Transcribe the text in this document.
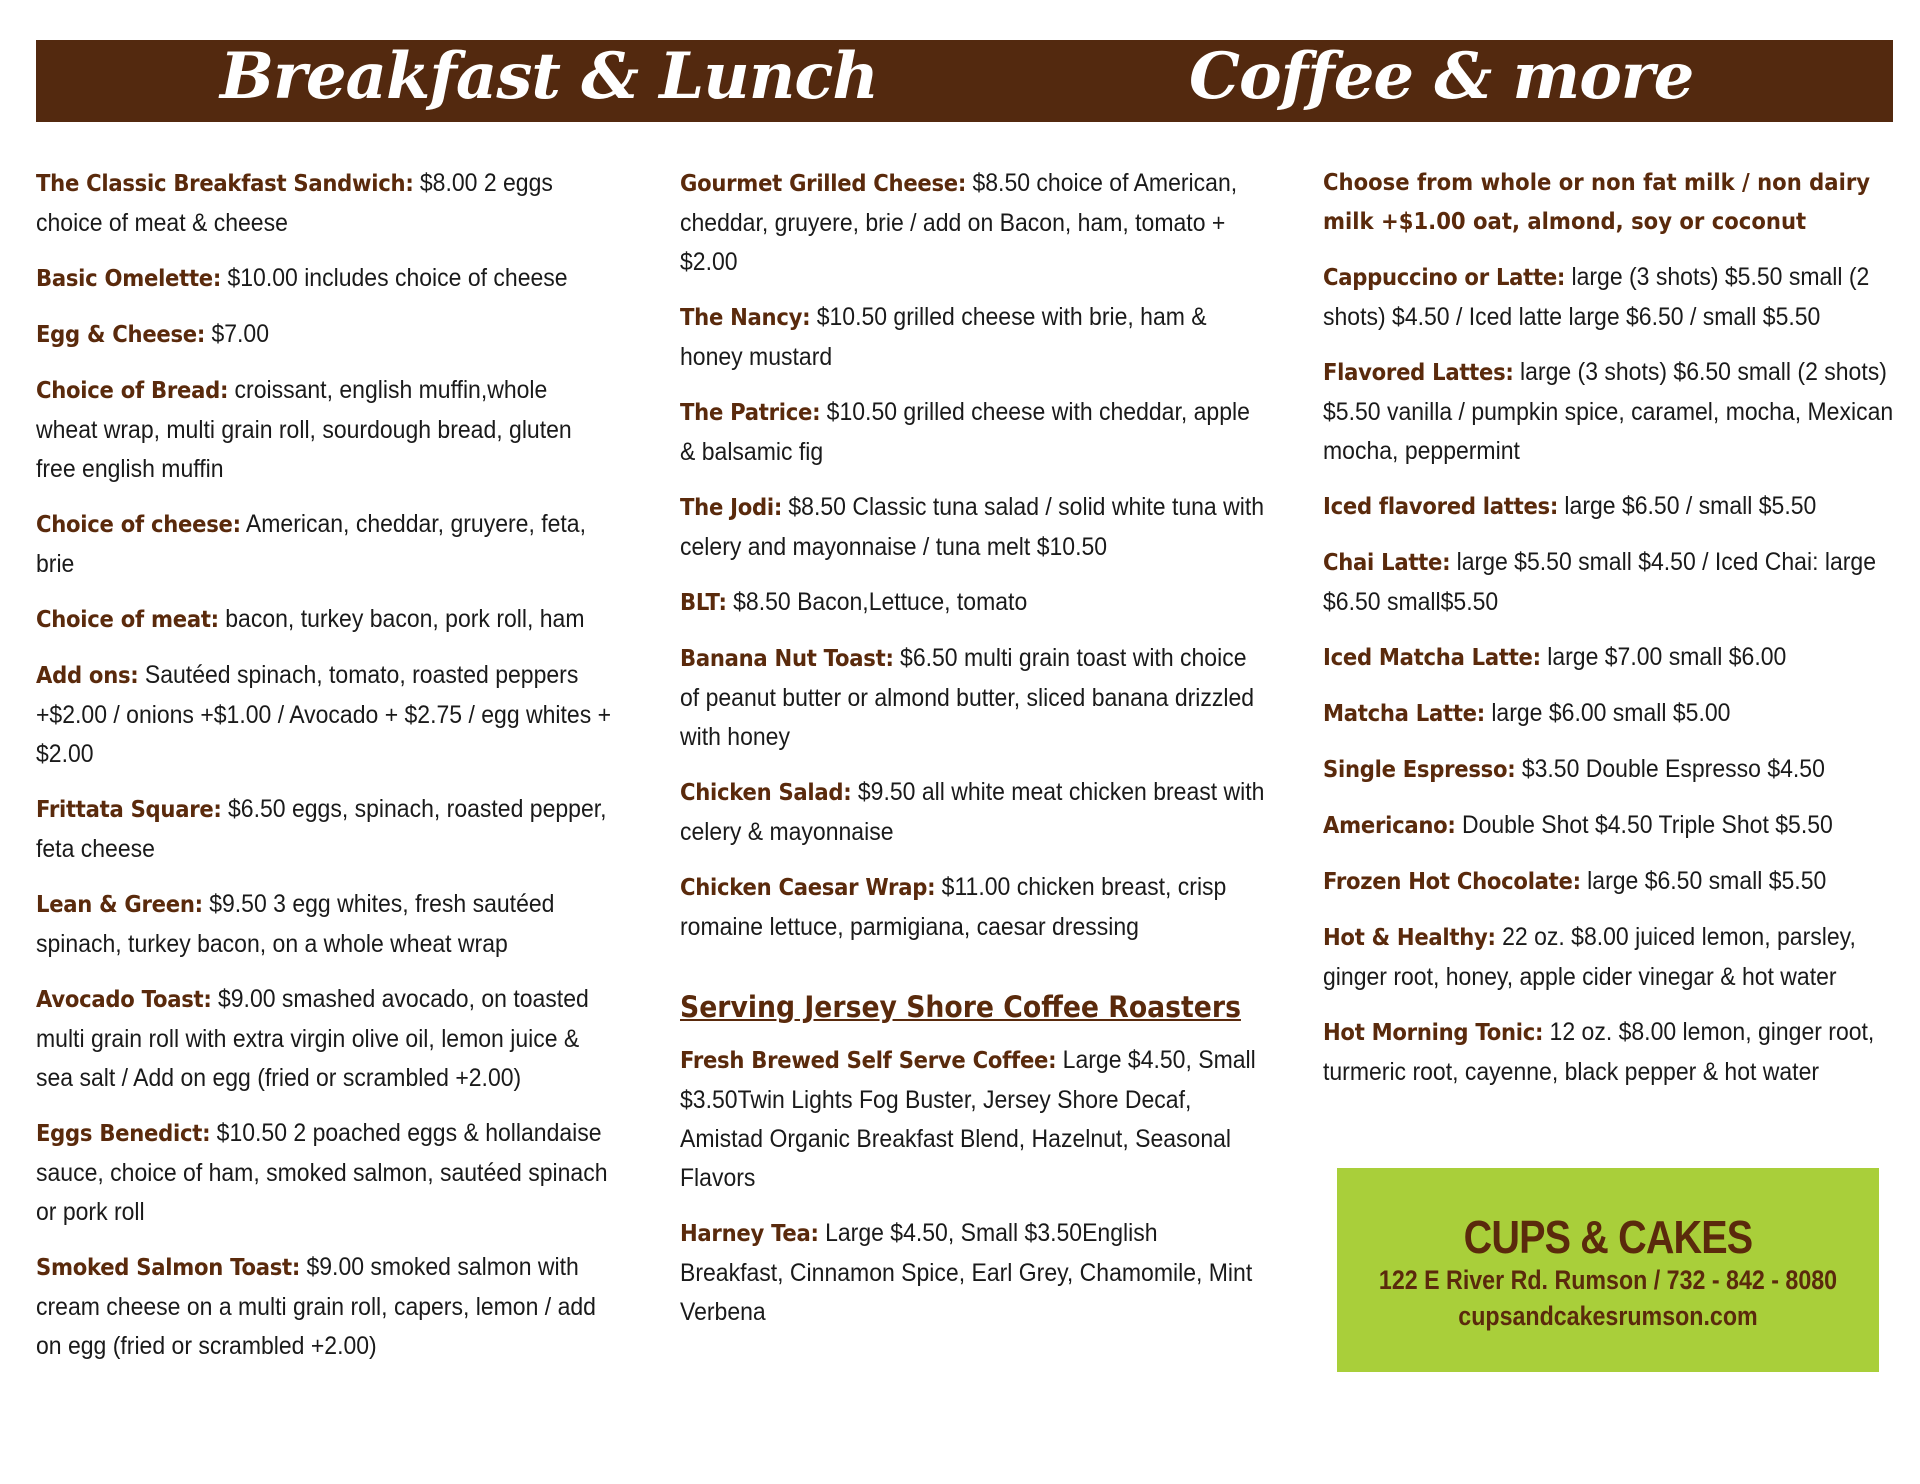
Breakfast & Lunch	Coffee & more
The Classic Breakfast Sandwich: $8.00 2 eggs choice of meat & cheese
Basic Omelette: $10.00 includes choice of cheese
Egg & Cheese: $7.00
Choice of Bread: croissant, english muffin,whole wheat wrap, multi grain roll, sourdough bread, gluten free english muffin
Choice of cheese: American, cheddar, gruyere, feta, brie
Choice of meat: bacon, turkey bacon, pork roll, ham
Add ons: Sautéed spinach, tomato, roasted peppers +$2.00 / onions +$1.00 / Avocado + $2.75 / egg whites + $2.00
Frittata Square: $6.50 eggs, spinach, roasted pepper, feta cheese
Lean & Green: $9.50 3 egg whites, fresh sautéed spinach, turkey bacon, on a whole wheat wrap
Avocado Toast: $9.00 smashed avocado, on toasted multi grain roll with extra virgin olive oil, lemon juice & sea salt / Add on egg (fried or scrambled +2.00)
Eggs Benedict: $10.50 2 poached eggs & hollandaise sauce, choice of ham, smoked salmon, sautéed spinach or pork roll
Smoked Salmon Toast: $9.00 smoked salmon with cream cheese on a multi grain roll, capers, lemon / add on egg (fried or scrambled +2.00)
Gourmet Grilled Cheese: $8.50 choice of American, cheddar, gruyere, brie / add on Bacon, ham, tomato + $2.00
The Nancy: $10.50 grilled cheese with brie, ham & honey mustard
The Patrice: $10.50 grilled cheese with cheddar, apple & balsamic fig
The Jodi: $8.50 Classic tuna salad / solid white tuna with celery and mayonnaise / tuna melt $10.50
BLT: $8.50 Bacon,Lettuce, tomato
Banana Nut Toast: $6.50 multi grain toast with choice of peanut butter or almond butter, sliced banana drizzled with honey
Chicken Salad: $9.50 all white meat chicken breast with celery & mayonnaise
Chicken Caesar Wrap: $11.00 chicken breast, crisp romaine lettuce, parmigiana, caesar dressing
Serving Jersey Shore Coffee Roasters
Fresh Brewed Self Serve Coffee: Large $4.50, Small $3.50Twin Lights Fog Buster, Jersey Shore Decaf, Amistad Organic Breakfast Blend, Hazelnut, Seasonal Flavors
Harney Tea: Large $4.50, Small $3.50English Breakfast, Cinnamon Spice, Earl Grey, Chamomile, Mint Verbena
Choose from whole or non fat milk / non dairy milk +$1.00 oat, almond, soy or coconut
Cappuccino or Latte: large (3 shots) $5.50 small (2 shots) $4.50 / Iced latte large $6.50 / small $5.50
Flavored Lattes: large (3 shots) $6.50 small (2 shots) $5.50 vanilla / pumpkin spice, caramel, mocha, Mexican mocha, peppermint
Iced flavored lattes: large $6.50 / small $5.50
Chai Latte: large $5.50 small $4.50 / Iced Chai: large $6.50 small$5.50
Iced Matcha Latte: large $7.00 small $6.00
Matcha Latte: large $6.00 small $5.00
Single Espresso: $3.50 Double Espresso $4.50
Americano: Double Shot $4.50 Triple Shot $5.50
Frozen Hot Chocolate: large $6.50 small $5.50
Hot & Healthy: 22 oz. $8.00 juiced lemon, parsley, ginger root, honey, apple cider vinegar & hot water
Hot Morning Tonic: 12 oz. $8.00 lemon, ginger root, turmeric root, cayenne, black pepper & hot water
CUPS & CAKES
122 E River Rd. Rumson / 732 - 842 - 8080
cupsandcakesrumson.com
